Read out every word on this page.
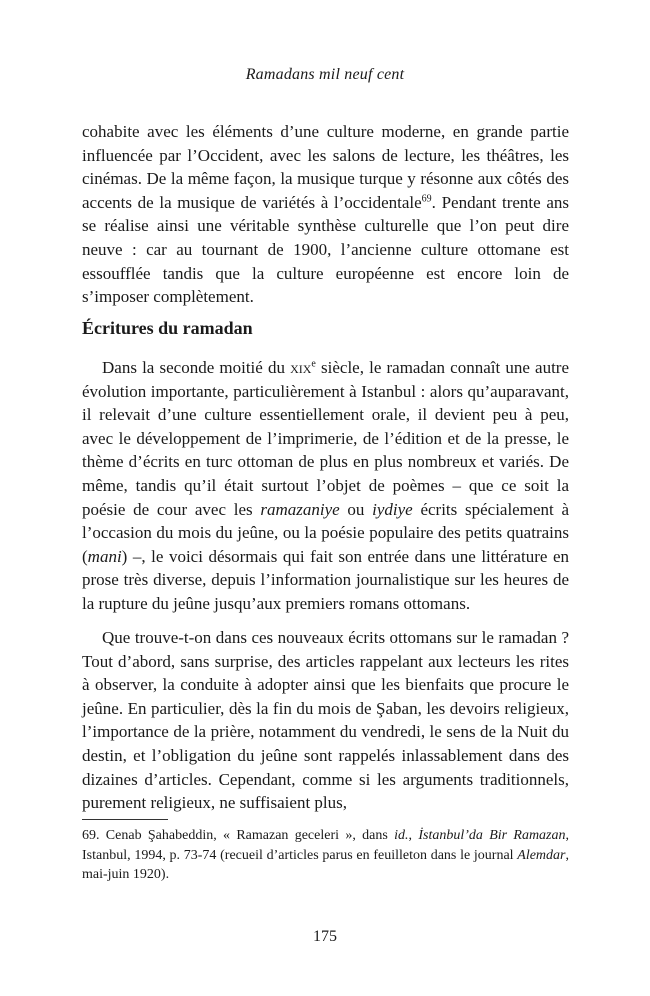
Ramadans mil neuf cent

cohabite avec les éléments d’une culture moderne, en grande partie influencée par l’Occident, avec les salons de lecture, les théâtres, les cinémas. De la même façon, la musique turque y résonne aux côtés des accents de la musique de variétés à l’occidentale$^{69}$. Pendant trente ans se réalise ainsi une véritable synthèse culturelle que l’on peut dire neuve : car au tournant de 1900, l’ancienne culture ottomane est essoufflée tandis que la culture européenne est encore loin de s’imposer complètement.

Écritures du ramadan

Dans la seconde moitié du xix$^e$ siècle, le ramadan connaît une autre évolution importante, particulièrement à Istanbul : alors qu’auparavant, il relevait d’une culture essentiellement orale, il devient peu à peu, avec le développement de l’imprimerie, de l’édition et de la presse, le thème d’écrits en turc ottoman de plus en plus nombreux et variés. De même, tandis qu’il était surtout l’objet de poèmes – que ce soit la poésie de cour avec les ramazaniye ou iydiye écrits spécialement à l’occasion du mois du jeûne, ou la poésie populaire des petits quatrains (mani) –, le voici désormais qui fait son entrée dans une littérature en prose très diverse, depuis l’information journalistique sur les heures de la rupture du jeûne jusqu’aux premiers romans ottomans.

Que trouve-t-on dans ces nouveaux écrits ottomans sur le ramadan ? Tout d’abord, sans surprise, des articles rappelant aux lecteurs les rites à observer, la conduite à adopter ainsi que les bienfaits que procure le jeûne. En particulier, dès la fin du mois de Şaban, les devoirs religieux, l’importance de la prière, notamment du vendredi, le sens de la Nuit du destin, et l’obligation du jeûne sont rappelés inlassablement dans des dizaines d’articles. Cependant, comme si les arguments traditionnels, purement religieux, ne suffisaient plus,

69. Cenab Şahabeddin, « Ramazan geceleri », dans id., İstanbul’da Bir Ramazan, Istanbul, 1994, p. 73-74 (recueil d’articles parus en feuilleton dans le journal Alemdar, mai-juin 1920).
175
